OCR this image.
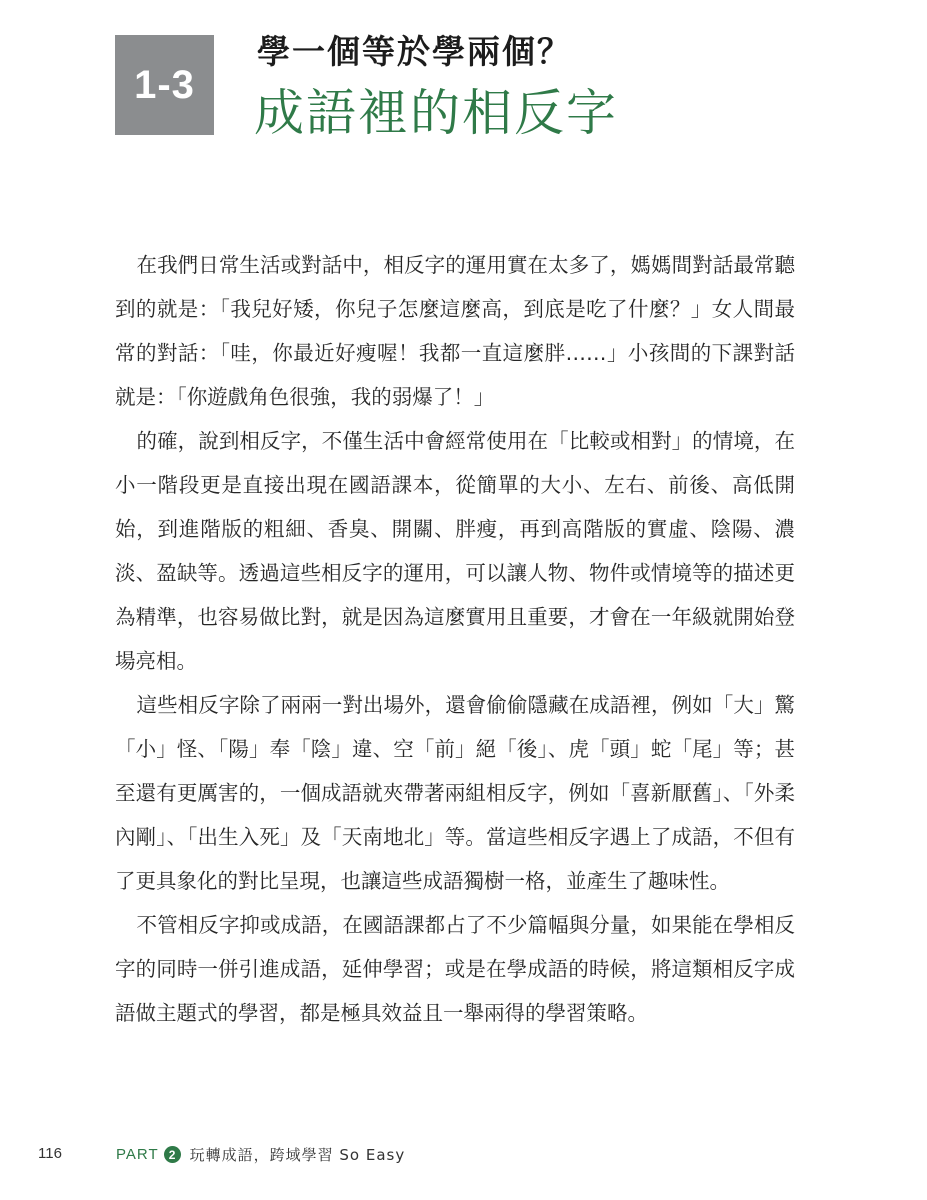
1-3
學一個等於學兩個？
成語裡的相反字

在我們日常生活或對話中，相反字的運用實在太多了，媽媽間對話最常聽到的就是：「我兒好矮，你兒子怎麼這麼高，到底是吃了什麼？」女人間最常的對話：「哇，你最近好瘦喔！我都一直這麼胖……」小孩間的下課對話就是：「你遊戲角色很強，我的弱爆了！」

的確，說到相反字，不僅生活中會經常使用在「比較或相對」的情境，在小一階段更是直接出現在國語課本，從簡單的大小、左右、前後、高低開始，到進階版的粗細、香臭、開關、胖瘦，再到高階版的實虛、陰陽、濃淡、盈缺等。透過這些相反字的運用，可以讓人物、物件或情境等的描述更為精準，也容易做比對，就是因為這麼實用且重要，才會在一年級就開始登場亮相。

這些相反字除了兩兩一對出場外，還會偷偷隱藏在成語裡，例如「大」驚「小」怪、「陽」奉「陰」違、空「前」絕「後」、虎「頭」蛇「尾」等；甚至還有更厲害的，一個成語就夾帶著兩組相反字，例如「喜新厭舊」、「外柔內剛」、「出生入死」及「天南地北」等。當這些相反字遇上了成語，不但有了更具象化的對比呈現，也讓這些成語獨樹一格，並產生了趣味性。

不管相反字抑或成語，在國語課都占了不少篇幅與分量，如果能在學相反字的同時一併引進成語，延伸學習；或是在學成語的時候，將這類相反字成語做主題式的學習，都是極具效益且一舉兩得的學習策略。

116	PART 2 玩轉成語，跨域學習 So Easy
